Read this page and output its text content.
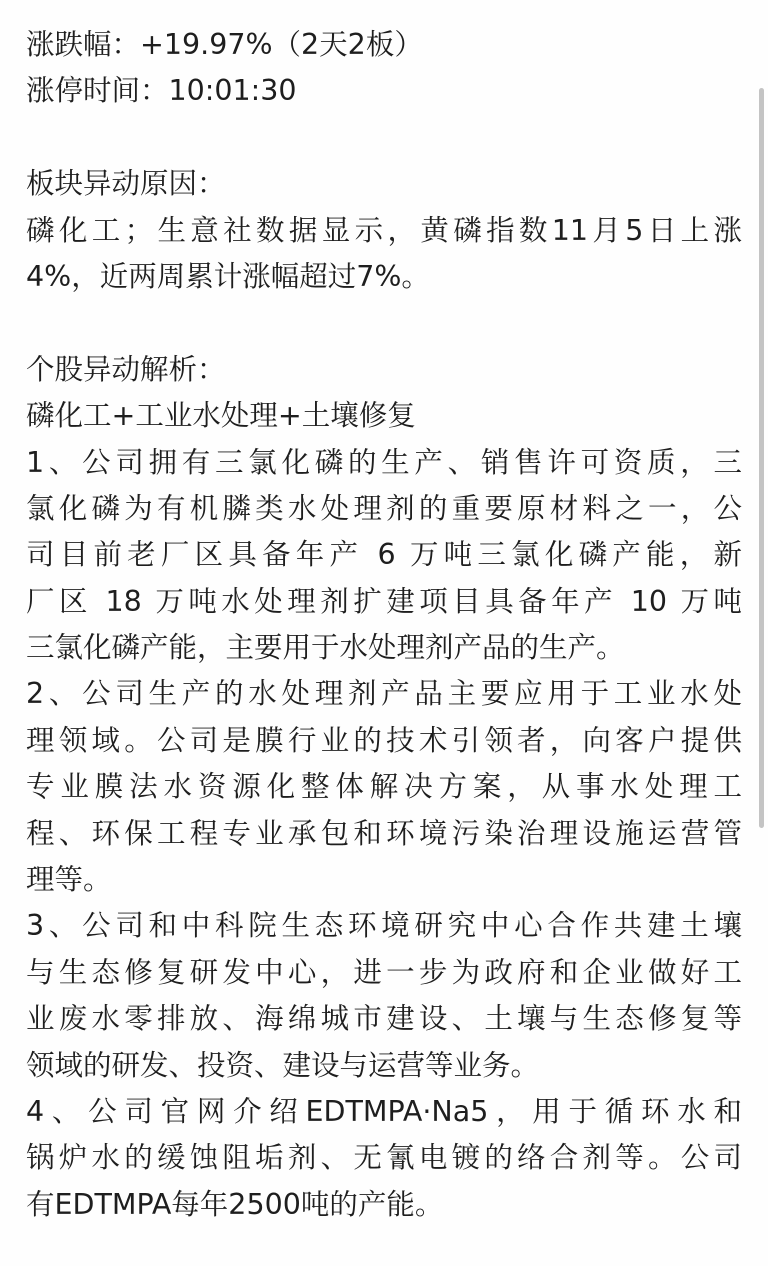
涨跌幅：+19.97%（2天2板）
涨停时间：10:01:30
板块异动原因：
磷化工；生意社数据显示，黄磷指数11月5日上涨
4%，近两周累计涨幅超过7%。
个股异动解析：
磷化工+工业水处理+土壤修复
1、公司拥有三氯化磷的生产、销售许可资质，三
氯化磷为有机膦类水处理剂的重要原材料之一，公
司目前老厂区具备年产 6 万吨三氯化磷产能，新
厂区 18 万吨水处理剂扩建项目具备年产 10 万吨
三氯化磷产能，主要用于水处理剂产品的生产。
2、公司生产的水处理剂产品主要应用于工业水处
理领域。公司是膜行业的技术引领者，向客户提供
专业膜法水资源化整体解决方案，从事水处理工
程、环保工程专业承包和环境污染治理设施运营管
理等。
3、公司和中科院生态环境研究中心合作共建土壤
与生态修复研发中心，进一步为政府和企业做好工
业废水零排放、海绵城市建设、土壤与生态修复等
领域的研发、投资、建设与运营等业务。
4、公司官网介绍EDTMPA·Na5，用于循环水和
锅炉水的缓蚀阻垢剂、无氰电镀的络合剂等。公司
有EDTMPA每年2500吨的产能。
